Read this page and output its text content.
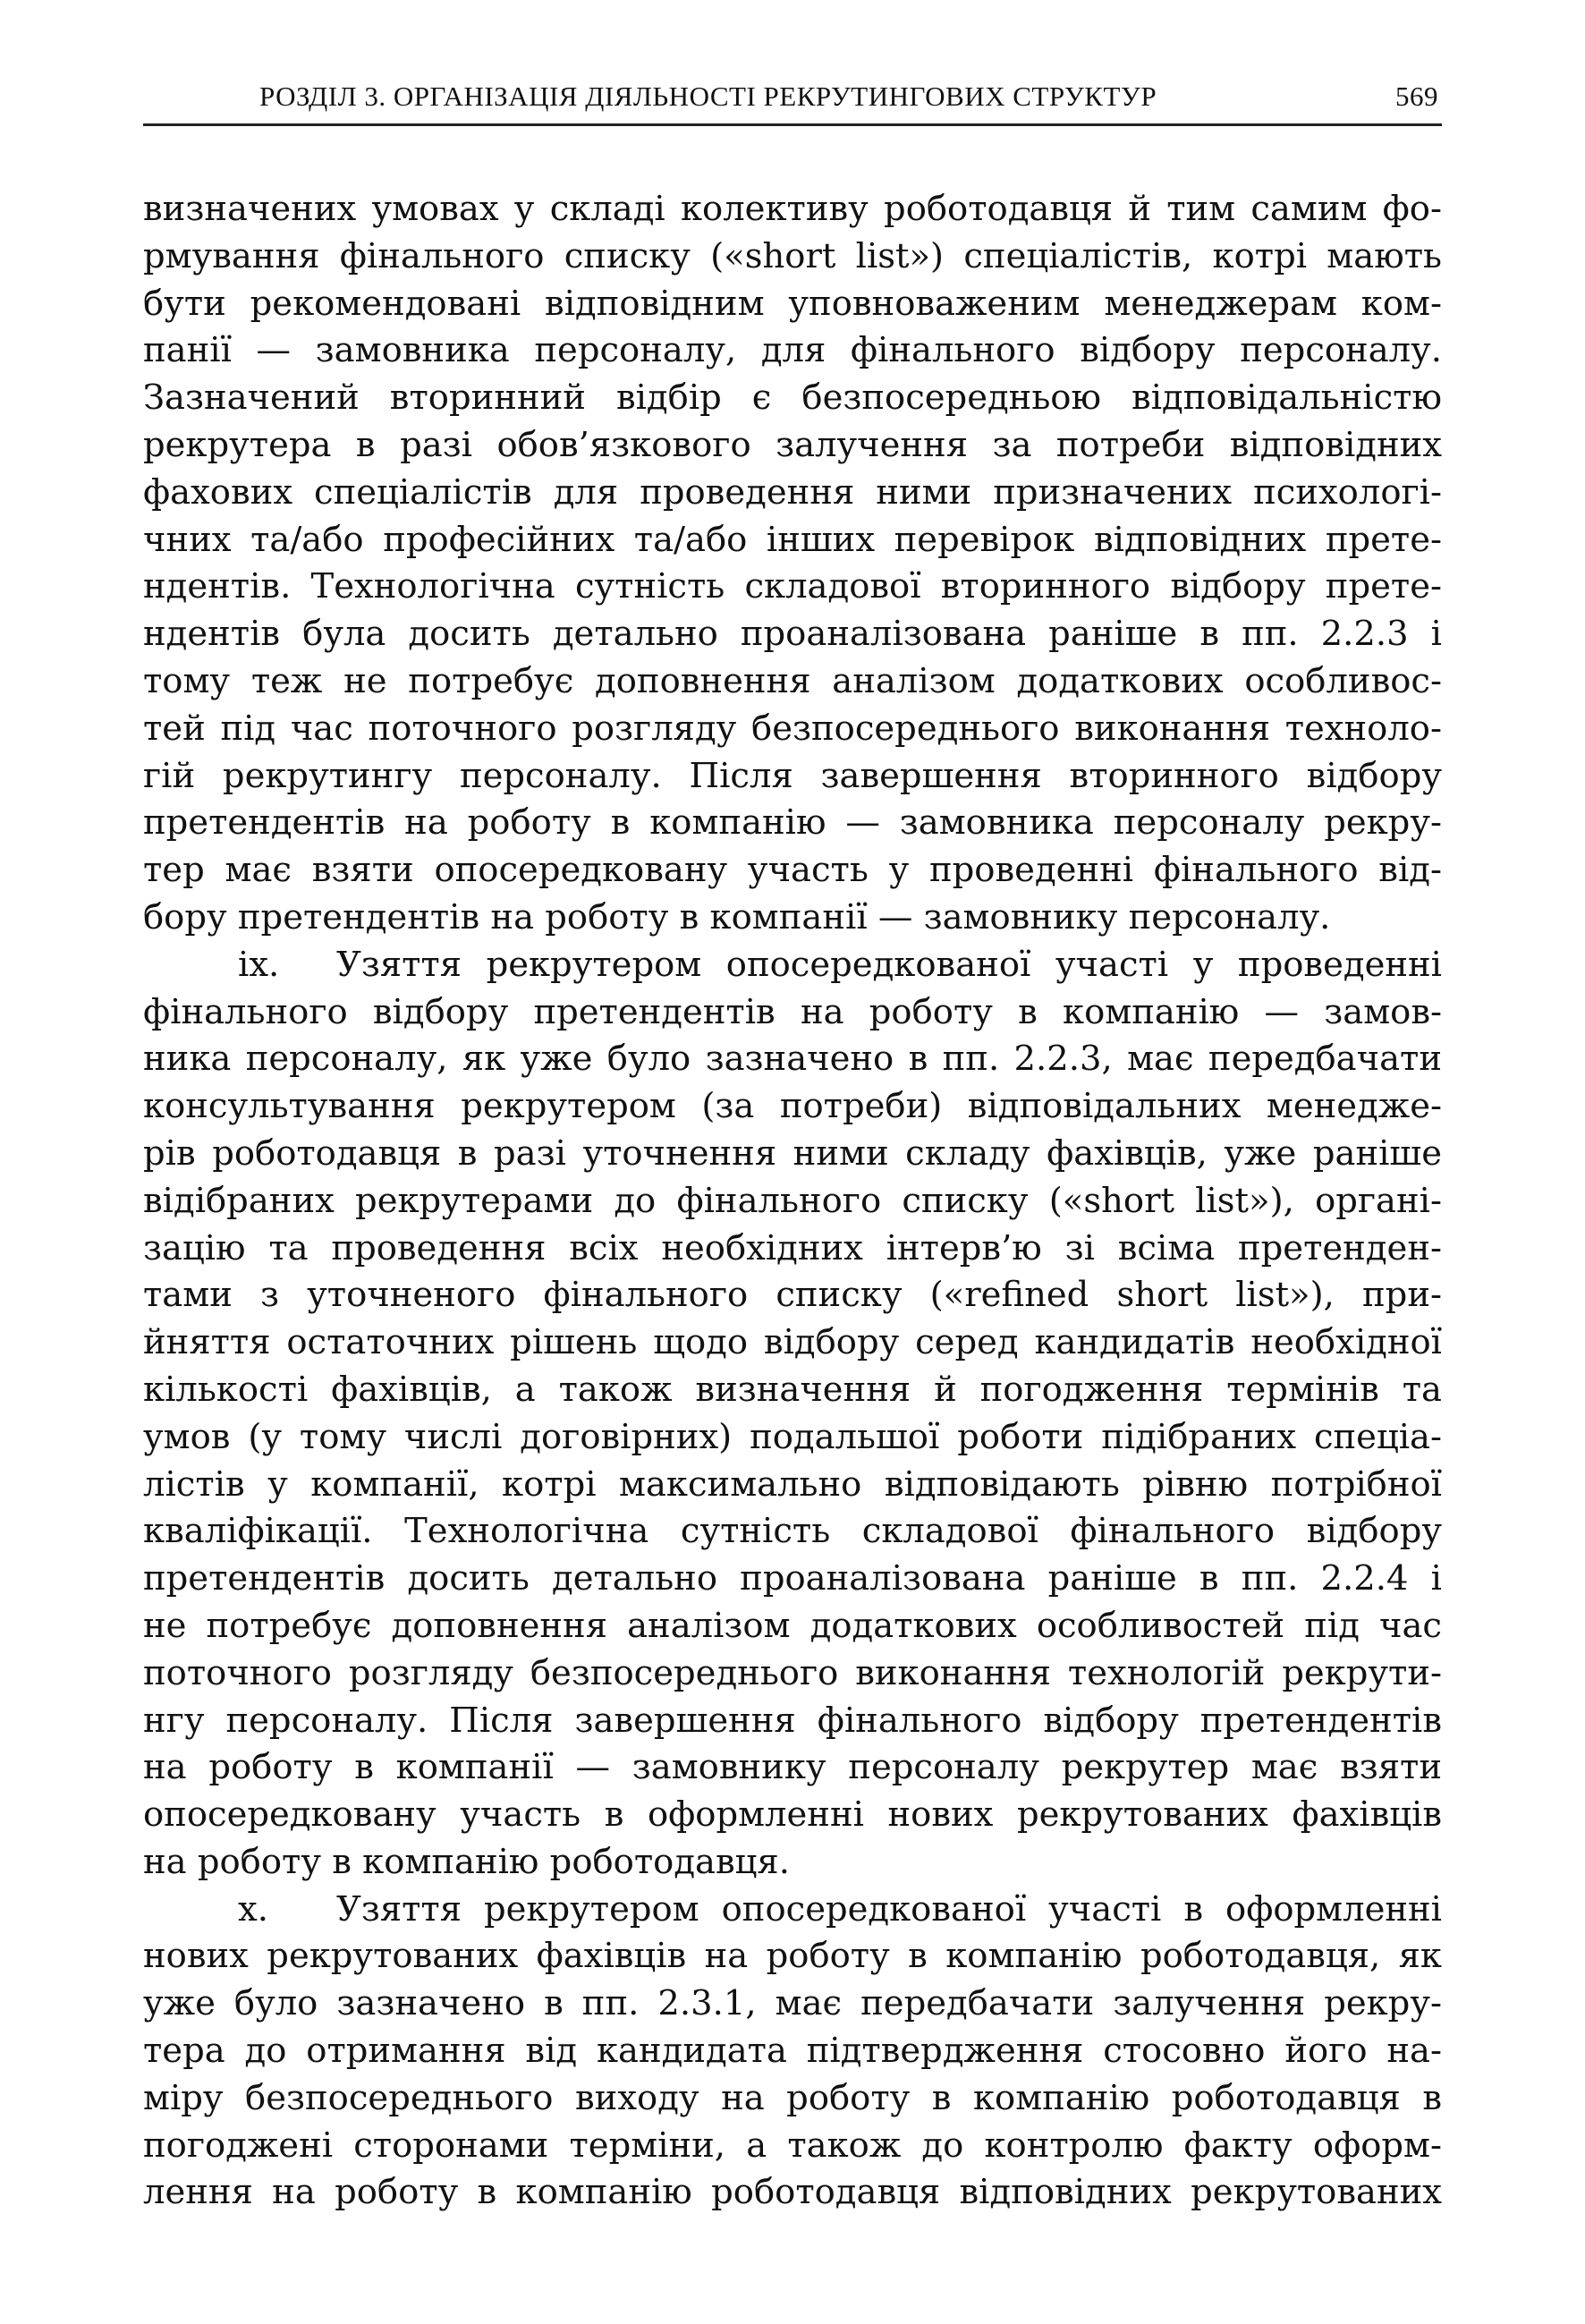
РОЗДІЛ 3. ОРГАНІЗАЦІЯ ДІЯЛЬНОСТІ РЕКРУТИНГОВИХ СТРУКТУР	569
визначених умовах у складі колективу роботодавця й тим самим фо-
рмування фінального списку («short list») спеціалістів, котрі мають
бути рекомендовані відповідним уповноваженим менеджерам ком-
панії — замовника персоналу, для фінального відбору персоналу.
Зазначений вторинний відбір є безпосередньою відповідальністю
рекрутера в разі обов’язкового залучення за потреби відповідних
фахових спеціалістів для проведення ними призначених психологі-
чних та/або професійних та/або інших перевірок відповідних прете-
ндентів. Технологічна сутність складової вторинного відбору прете-
ндентів була досить детально проаналізована раніше в пп. 2.2.3 і
тому теж не потребує доповнення аналізом додаткових особливос-
тей під час поточного розгляду безпосереднього виконання техноло-
гій рекрутингу персоналу. Після завершення вторинного відбору
претендентів на роботу в компанію — замовника персоналу рекру-
тер має взяти опосередковану участь у проведенні фінального від-
бору претендентів на роботу в компанії — замовнику персоналу.
ix. Узяття рекрутером опосередкованої участі у проведенні
фінального відбору претендентів на роботу в компанію — замов-
ника персоналу, як уже було зазначено в пп. 2.2.3, має передбачати
консультування рекрутером (за потреби) відповідальних менедже-
рів роботодавця в разі уточнення ними складу фахівців, уже раніше
відібраних рекрутерами до фінального списку («short list»), органі-
зацію та проведення всіх необхідних інтерв’ю зі всіма претенден-
тами з уточненого фінального списку («refined short list»), при-
йняття остаточних рішень щодо відбору серед кандидатів необхідної
кількості фахівців, а також визначення й погодження термінів та
умов (у тому числі договірних) подальшої роботи підібраних спеціа-
лістів у компанії, котрі максимально відповідають рівню потрібної
кваліфікації. Технологічна сутність складової фінального відбору
претендентів досить детально проаналізована раніше в пп. 2.2.4 і
не потребує доповнення аналізом додаткових особливостей під час
поточного розгляду безпосереднього виконання технологій рекрути-
нгу персоналу. Після завершення фінального відбору претендентів
на роботу в компанії — замовнику персоналу рекрутер має взяти
опосередковану участь в оформленні нових рекрутованих фахівців
на роботу в компанію роботодавця.
x. Узяття рекрутером опосередкованої участі в оформленні
нових рекрутованих фахівців на роботу в компанію роботодавця, як
уже було зазначено в пп. 2.3.1, має передбачати залучення рекру-
тера до отримання від кандидата підтвердження стосовно його на-
міру безпосереднього виходу на роботу в компанію роботодавця в
погоджені сторонами терміни, а також до контролю факту оформ-
лення на роботу в компанію роботодавця відповідних рекрутованих
